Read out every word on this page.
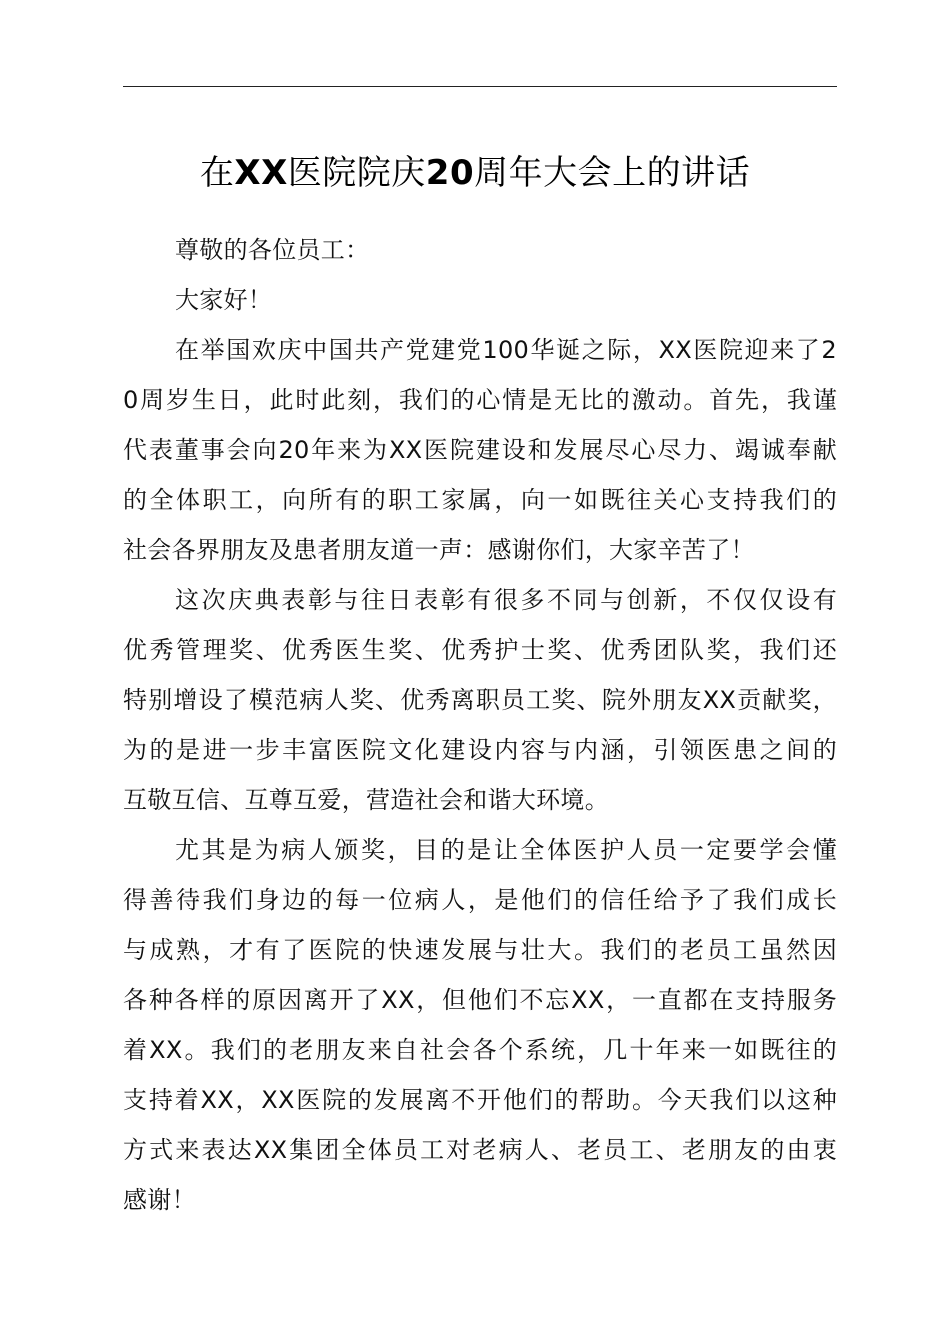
在XX医院院庆20周年大会上的讲话
尊敬的各位员工：
大家好！
在举国欢庆中国共产党建党100华诞之际，XX医院迎来了2
0周岁生日，此时此刻，我们的心情是无比的激动。首先，我谨
代表董事会向20年来为XX医院建设和发展尽心尽力、竭诚奉献
的全体职工，向所有的职工家属，向一如既往关心支持我们的
社会各界朋友及患者朋友道一声：感谢你们，大家辛苦了！
这次庆典表彰与往日表彰有很多不同与创新，不仅仅设有
优秀管理奖、优秀医生奖、优秀护士奖、优秀团队奖，我们还
特别增设了模范病人奖、优秀离职员工奖、院外朋友XX贡献奖，
为的是进一步丰富医院文化建设内容与内涵，引领医患之间的
互敬互信、互尊互爱，营造社会和谐大环境。
尤其是为病人颁奖，目的是让全体医护人员一定要学会懂
得善待我们身边的每一位病人，是他们的信任给予了我们成长
与成熟，才有了医院的快速发展与壮大。我们的老员工虽然因
各种各样的原因离开了XX，但他们不忘XX，一直都在支持服务
着XX。我们的老朋友来自社会各个系统，几十年来一如既往的
支持着XX，XX医院的发展离不开他们的帮助。今天我们以这种
方式来表达XX集团全体员工对老病人、老员工、老朋友的由衷
感谢！
